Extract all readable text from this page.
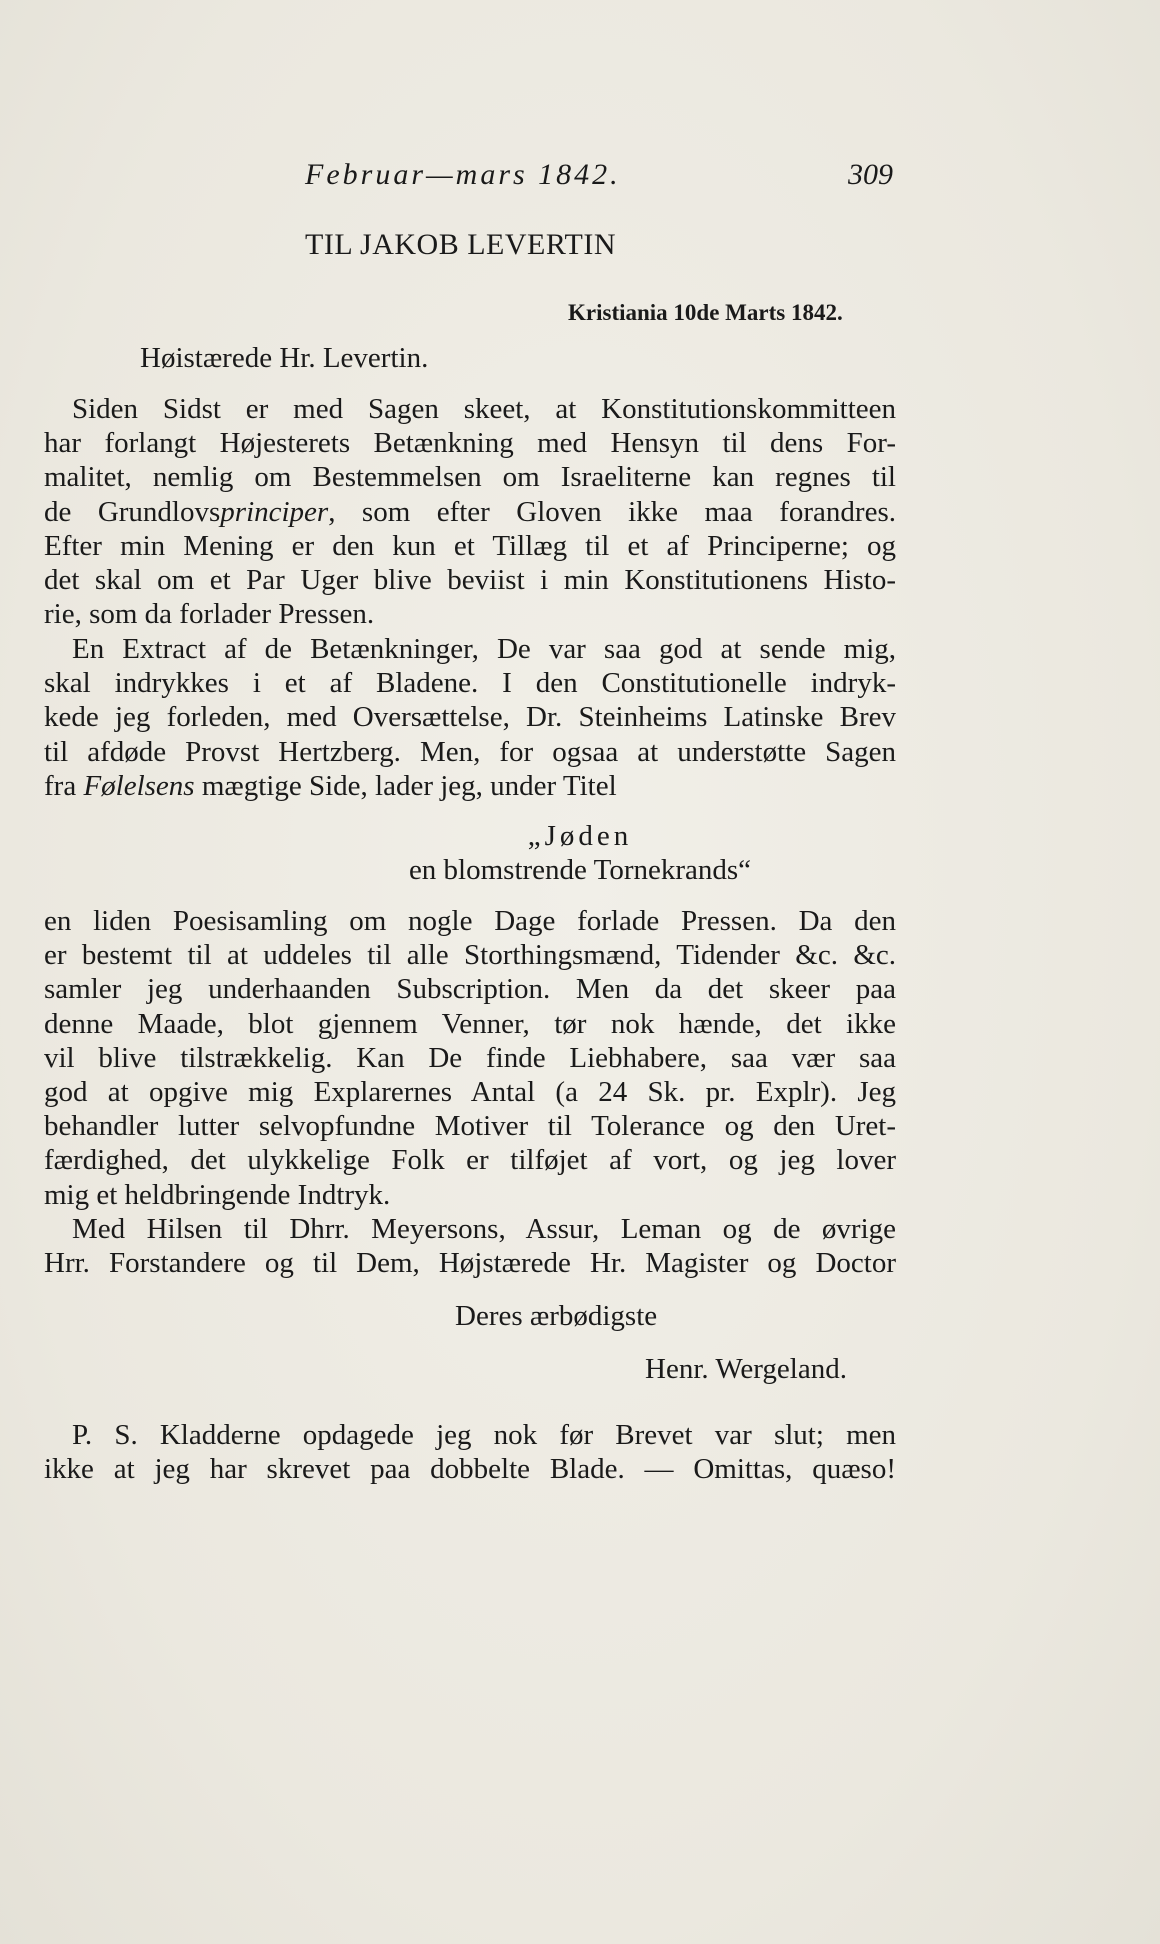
Februar—mars 1842.	309
TIL JAKOB LEVERTIN
Kristiania 10de Marts 1842.
Høistærede Hr. Levertin.
Siden Sidst er med Sagen skeet, at Konstitutionskommitteen
har forlangt Højesterets Betænkning med Hensyn til dens For-
malitet, nemlig om Bestemmelsen om Israeliterne kan regnes til
de Grundlovsprinciper, som efter Gloven ikke maa forandres.
Efter min Mening er den kun et Tillæg til et af Principerne; og
det skal om et Par Uger blive beviist i min Konstitutionens Histo-
rie, som da forlader Pressen.
En Extract af de Betænkninger, De var saa god at sende mig,
skal indrykkes i et af Bladene. I den Constitutionelle indryk-
kede jeg forleden, med Oversættelse, Dr. Steinheims Latinske Brev
til afdøde Provst Hertzberg. Men, for ogsaa at understøtte Sagen
fra Følelsens mægtige Side, lader jeg, under Titel
„Jøden
en blomstrende Tornekrands“
en liden Poesisamling om nogle Dage forlade Pressen. Da den
er bestemt til at uddeles til alle Storthingsmænd, Tidender &c. &c.
samler jeg underhaanden Subscription. Men da det skeer paa
denne Maade, blot gjennem Venner, tør nok hænde, det ikke
vil blive tilstrækkelig. Kan De finde Liebhabere, saa vær saa
god at opgive mig Explarernes Antal (a 24 Sk. pr. Explr). Jeg
behandler lutter selvopfundne Motiver til Tolerance og den Uret-
færdighed, det ulykkelige Folk er tilføjet af vort, og jeg lover
mig et heldbringende Indtryk.
Med Hilsen til Dhrr. Meyersons, Assur, Leman og de øvrige
Hrr. Forstandere og til Dem, Højstærede Hr. Magister og Doctor
Deres ærbødigste
Henr. Wergeland.
P. S. Kladderne opdagede jeg nok før Brevet var slut; men
ikke at jeg har skrevet paa dobbelte Blade. — Omittas, quæso!
